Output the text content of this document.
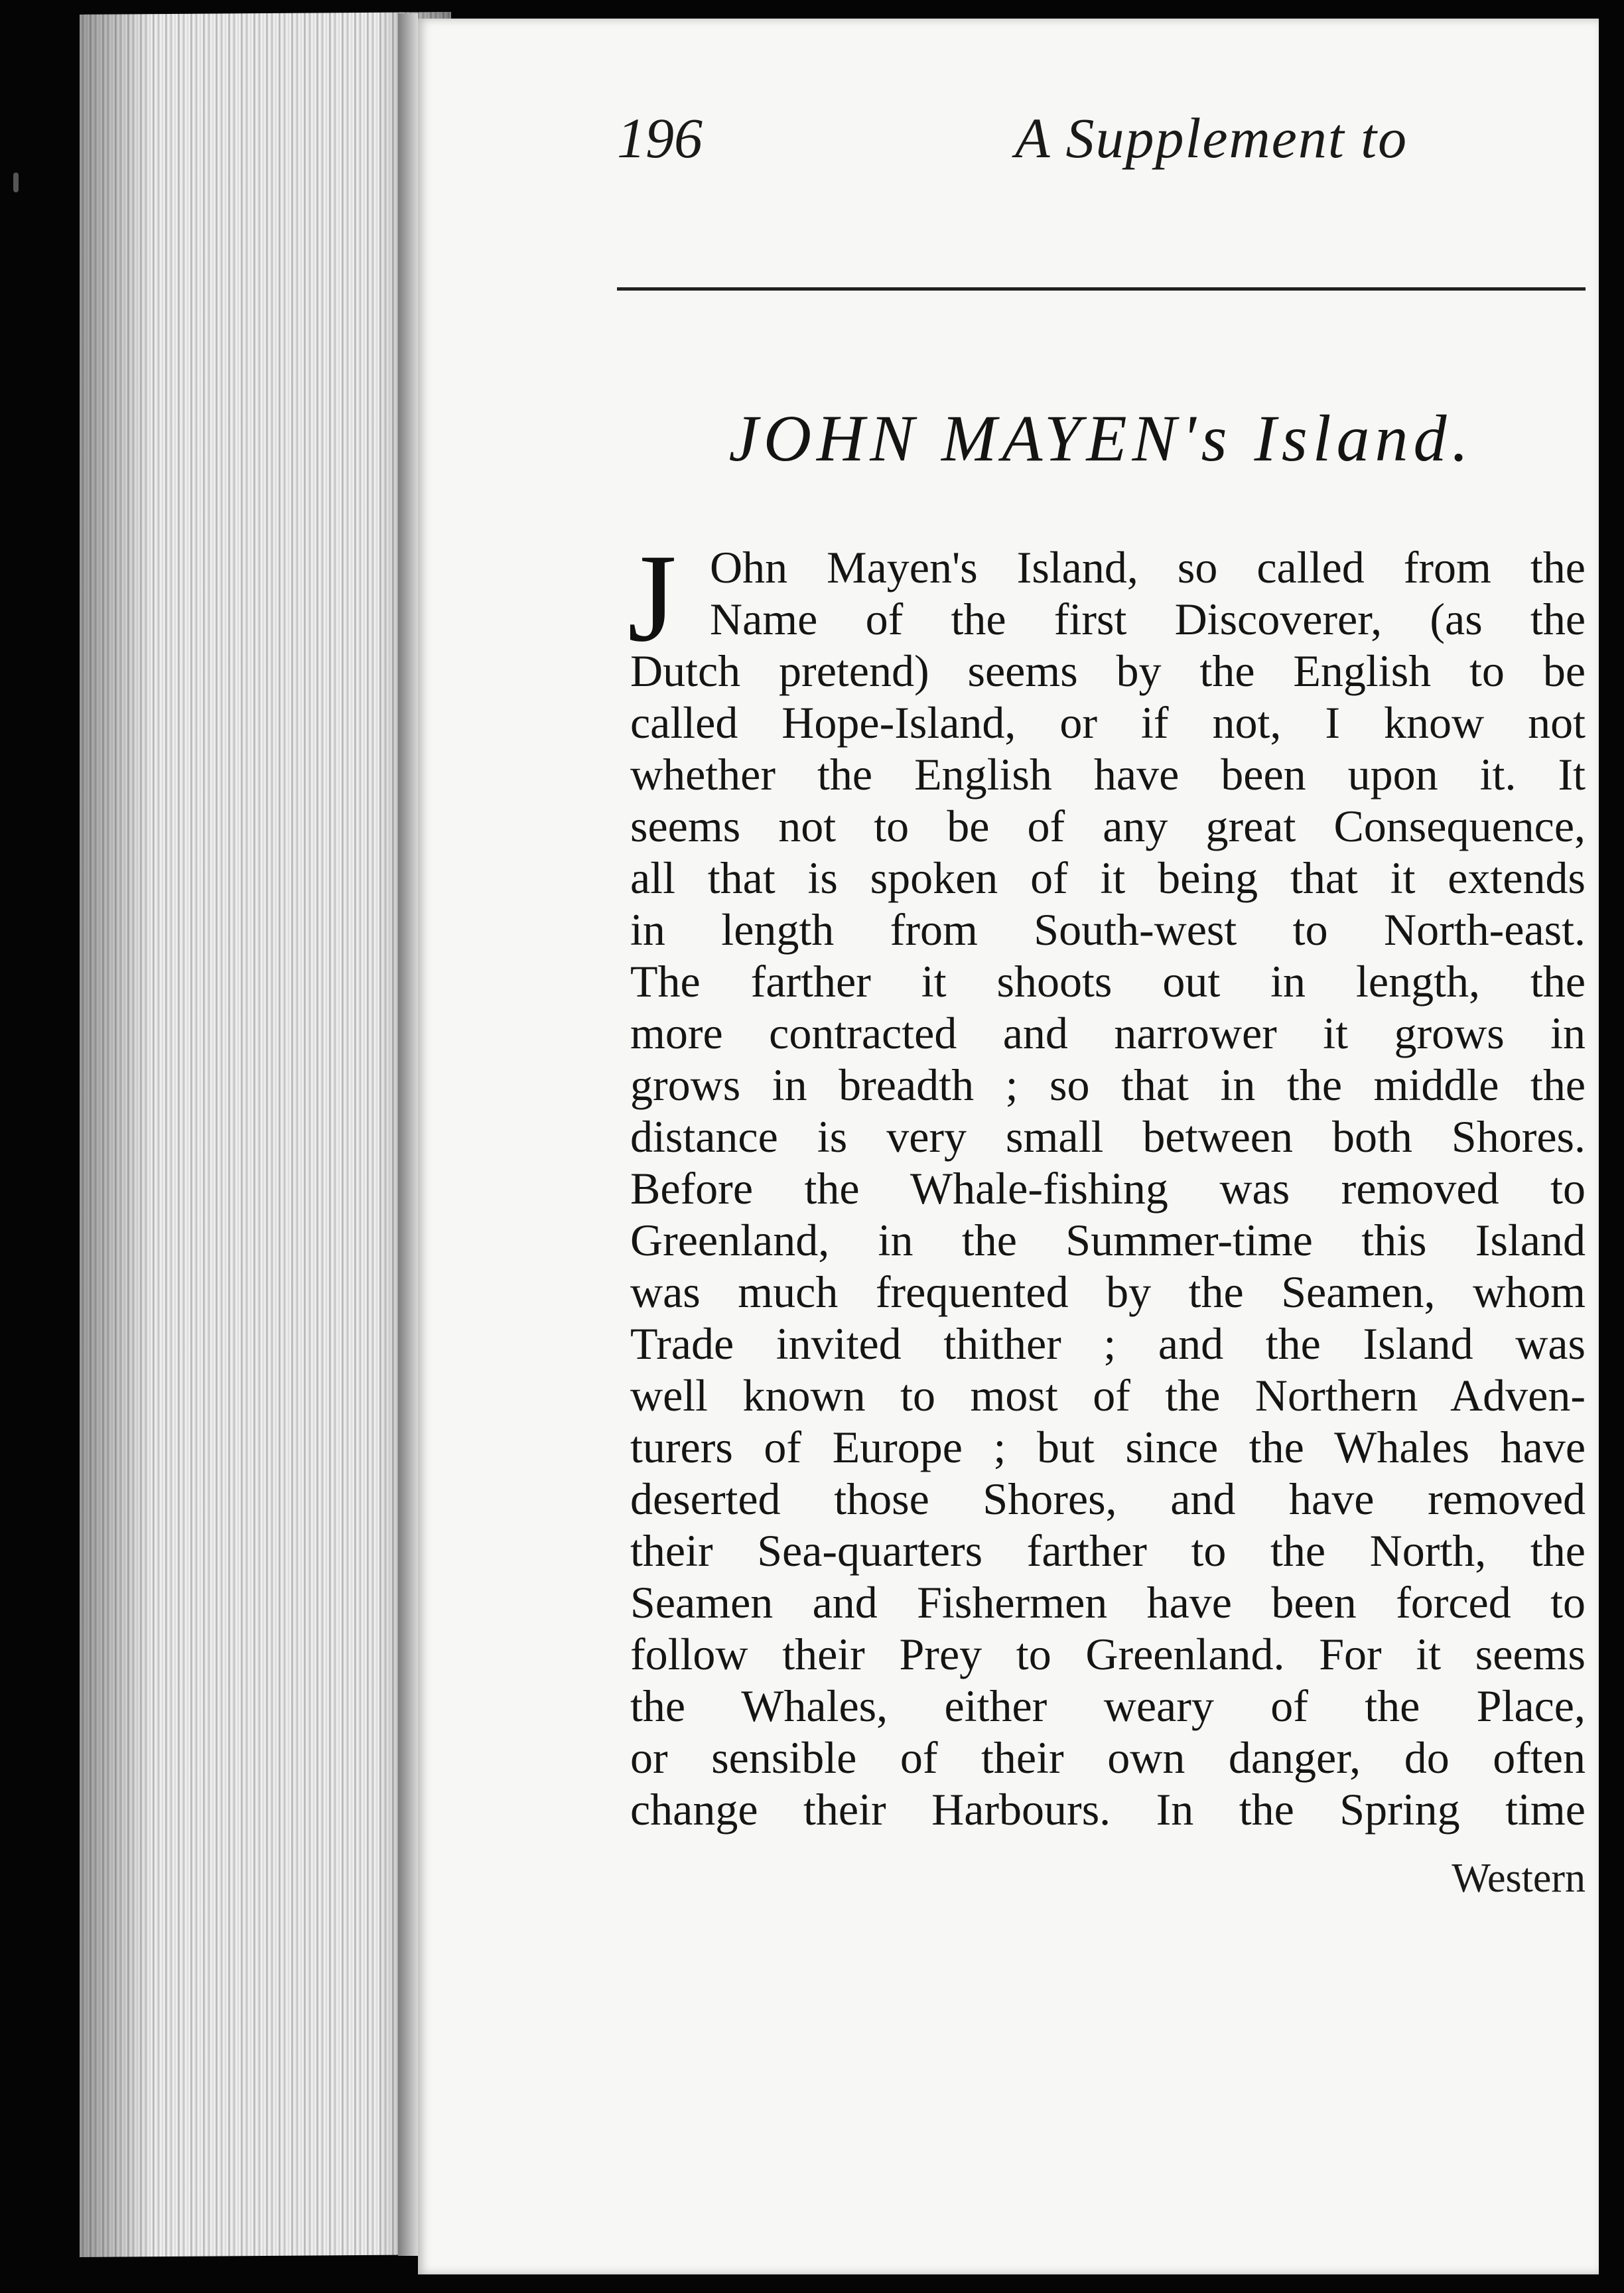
196	A Supplement to
JOHN MAYEN's Island.
J Ohn Mayen's Island, so called from the
Name of the first Discoverer, (as the
Dutch pretend) seems by the English to be
called Hope-Island, or if not, I know not
whether the English have been upon it. It
seems not to be of any great Consequence,
all that is spoken of it being that it extends
in length from South-west to North-east.
The farther it shoots out in length, the
more contracted and narrower it grows in
grows in breadth ; so that in the middle the
distance is very small between both Shores.
Before the Whale-fishing was removed to
Greenland, in the Summer-time this Island
was much frequented by the Seamen, whom
Trade invited thither ; and the Island was
well known to most of the Northern Adven-
turers of Europe ; but since the Whales have
deserted those Shores, and have removed
their Sea-quarters farther to the North, the
Seamen and Fishermen have been forced to
follow their Prey to Greenland. For it seems
the Whales, either weary of the Place,
or sensible of their own danger, do often
change their Harbours. In the Spring time
Western
